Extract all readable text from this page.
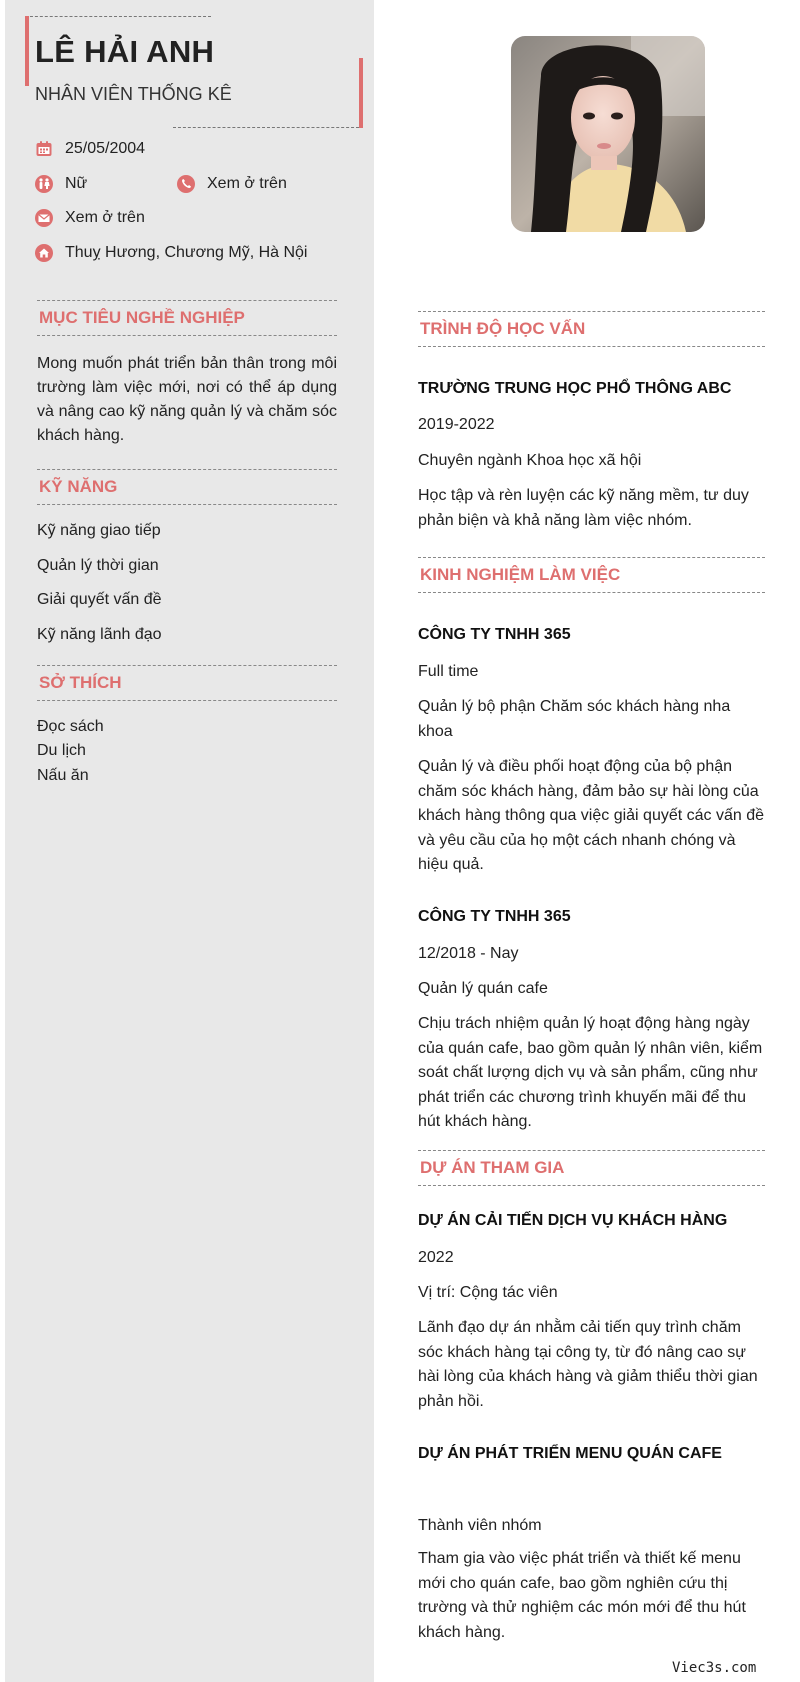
LÊ HẢI ANH
NHÂN VIÊN THỐNG KÊ
25/05/2004
Nữ	Xem ở trên
Xem ở trên
Thuỵ Hương, Chương Mỹ, Hà Nội
MỤC TIÊU NGHỀ NGHIỆP
Mong muốn phát triển bản thân trong môi trường làm việc mới, nơi có thể áp dụng và nâng cao kỹ năng quản lý và chăm sóc khách hàng.
KỸ NĂNG
Kỹ năng giao tiếp
Quản lý thời gian
Giải quyết vấn đề
Kỹ năng lãnh đạo
SỞ THÍCH
Đọc sách
Du lịch
Nấu ăn
TRÌNH ĐỘ HỌC VẤN
TRƯỜNG TRUNG HỌC PHỔ THÔNG ABC
2019-2022
Chuyên ngành Khoa học xã hội
Học tập và rèn luyện các kỹ năng mềm, tư duy phản biện và khả năng làm việc nhóm.
KINH NGHIỆM LÀM VIỆC
CÔNG TY TNHH 365
Full time
Quản lý bộ phận Chăm sóc khách hàng nha khoa
Quản lý và điều phối hoạt động của bộ phận chăm sóc khách hàng, đảm bảo sự hài lòng của khách hàng thông qua việc giải quyết các vấn đề và yêu cầu của họ một cách nhanh chóng và hiệu quả.
CÔNG TY TNHH 365
12/2018 - Nay
Quản lý quán cafe
Chịu trách nhiệm quản lý hoạt động hàng ngày của quán cafe, bao gồm quản lý nhân viên, kiểm soát chất lượng dịch vụ và sản phẩm, cũng như phát triển các chương trình khuyến mãi để thu hút khách hàng.
DỰ ÁN THAM GIA
DỰ ÁN CẢI TIẾN DỊCH VỤ KHÁCH HÀNG
2022
Vị trí: Cộng tác viên
Lãnh đạo dự án nhằm cải tiến quy trình chăm sóc khách hàng tại công ty, từ đó nâng cao sự hài lòng của khách hàng và giảm thiểu thời gian phản hồi.
DỰ ÁN PHÁT TRIỂN MENU QUÁN CAFE
Thành viên nhóm
Tham gia vào việc phát triển và thiết kế menu mới cho quán cafe, bao gồm nghiên cứu thị trường và thử nghiệm các món mới để thu hút khách hàng.
Viec3s.com
